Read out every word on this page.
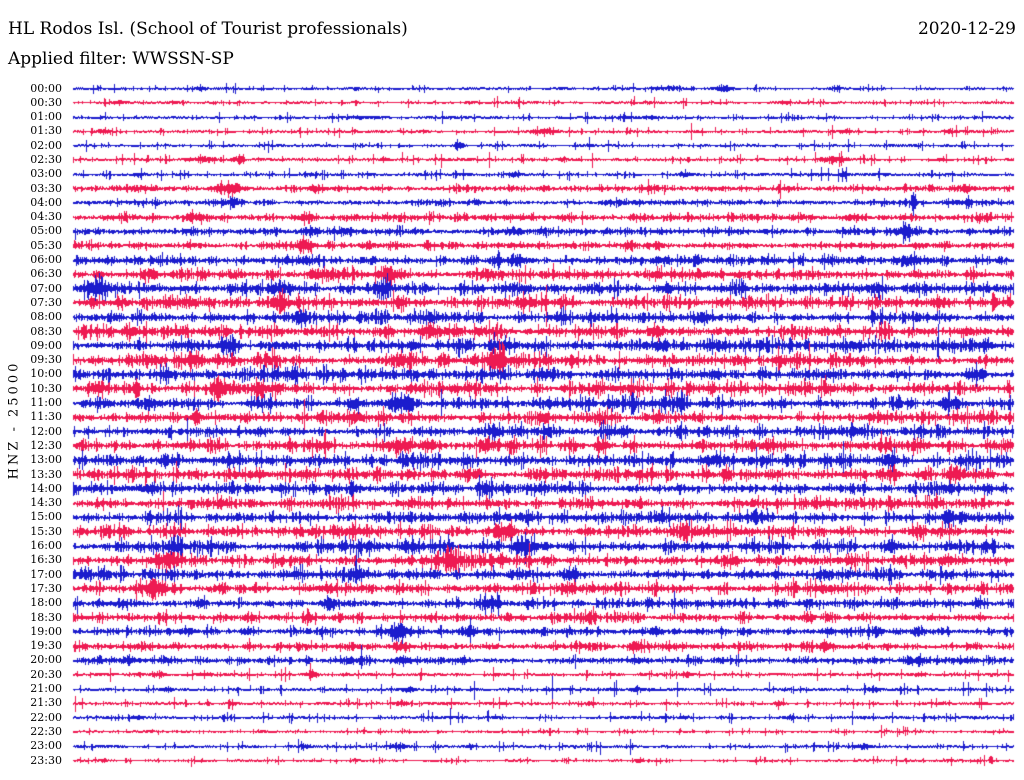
HL Rodos Isl. (School of Tourist professionals)	2020-12-29
Applied filter: WWSSN-SP
HNZ - 25000
00:00
00:30
01:00
01:30
02:00
02:30
03:00
03:30
04:00
04:30
05:00
05:30
06:00
06:30
07:00
07:30
08:00
08:30
09:00
09:30
10:00
10:30
11:00
11:30
12:00
12:30
13:00
13:30
14:00
14:30
15:00
15:30
16:00
16:30
17:00
17:30
18:00
18:30
19:00
19:30
20:00
20:30
21:00
21:30
22:00
22:30
23:00
23:30
